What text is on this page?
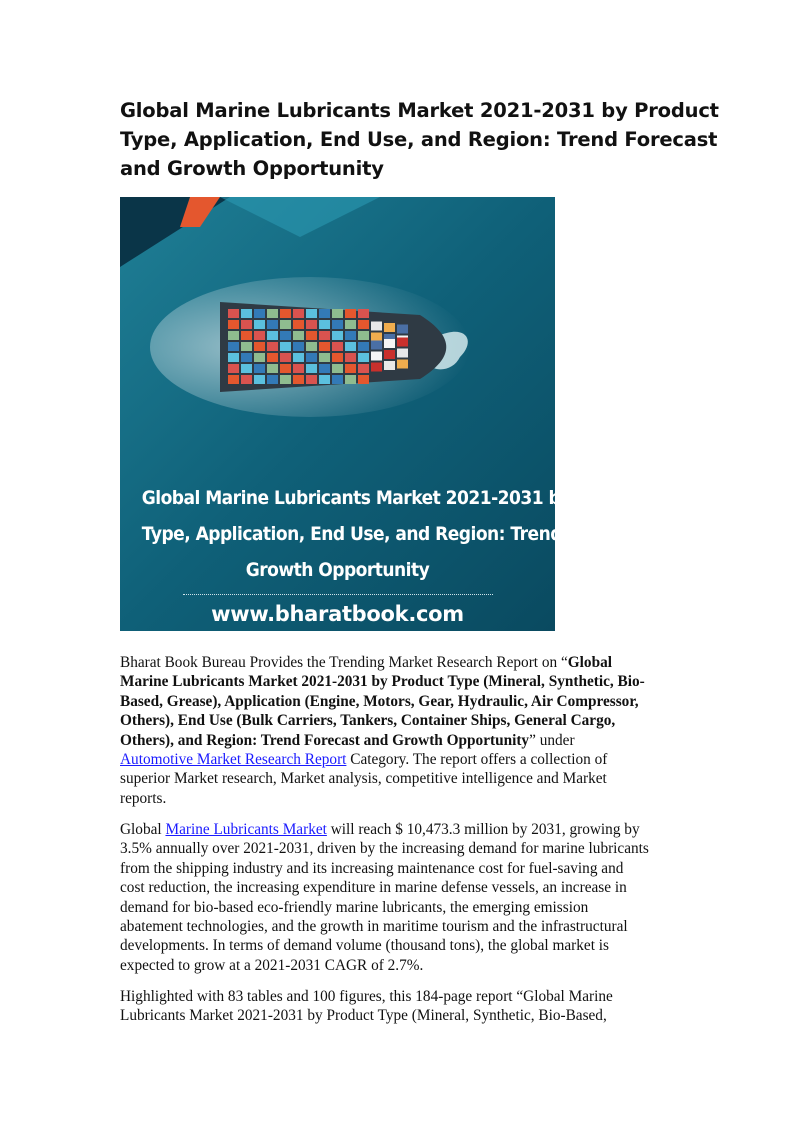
Global Marine Lubricants Market 2021-2031 by Product
Type, Application, End Use, and Region: Trend Forecast
and Growth Opportunity
Global Marine Lubricants Market 2021-2031 by Product
Type, Application, End Use, and Region: Trend Forecast and
Growth Opportunity
www.bharatbook.com
Bharat Book Bureau Provides the Trending Market Research Report on “Global
Marine Lubricants Market 2021-2031 by Product Type (Mineral, Synthetic, Bio-
Based, Grease), Application (Engine, Motors, Gear, Hydraulic, Air Compressor,
Others), End Use (Bulk Carriers, Tankers, Container Ships, General Cargo,
Others), and Region: Trend Forecast and Growth Opportunity” under
Automotive Market Research Report Category. The report offers a collection of
superior Market research, Market analysis, competitive intelligence and Market
reports.
Global Marine Lubricants Market will reach $ 10,473.3 million by 2031, growing by
3.5% annually over 2021-2031, driven by the increasing demand for marine lubricants
from the shipping industry and its increasing maintenance cost for fuel-saving and
cost reduction, the increasing expenditure in marine defense vessels, an increase in
demand for bio-based eco-friendly marine lubricants, the emerging emission
abatement technologies, and the growth in maritime tourism and the infrastructural
developments. In terms of demand volume (thousand tons), the global market is
expected to grow at a 2021-2031 CAGR of 2.7%.
Highlighted with 83 tables and 100 figures, this 184-page report “Global Marine
Lubricants Market 2021-2031 by Product Type (Mineral, Synthetic, Bio-Based,
